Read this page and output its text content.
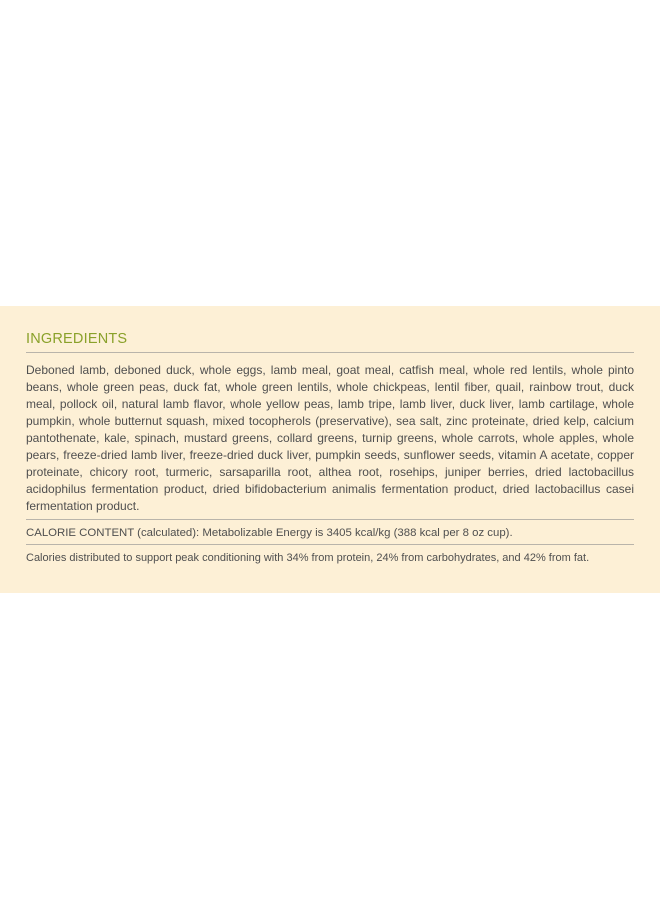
INGREDIENTS

Deboned lamb, deboned duck, whole eggs, lamb meal, goat meal, catfish meal, whole red lentils, whole pinto beans, whole green peas, duck fat, whole green lentils, whole chickpeas, lentil fiber, quail, rainbow trout, duck meal, pollock oil, natural lamb flavor, whole yellow peas, lamb tripe, lamb liver, duck liver, lamb cartilage, whole pumpkin, whole butternut squash, mixed tocopherols (preservative), sea salt, zinc proteinate, dried kelp, calcium pantothenate, kale, spinach, mustard greens, collard greens, turnip greens, whole carrots, whole apples, whole pears, freeze-dried lamb liver, freeze-dried duck liver, pumpkin seeds, sunflower seeds, vitamin A acetate, copper proteinate, chicory root, turmeric, sarsaparilla root, althea root, rosehips, juniper berries, dried lactobacillus acidophilus fermentation product, dried bifidobacterium animalis fermentation product, dried lactobacillus casei fermentation product.

CALORIE CONTENT (calculated): Metabolizable Energy is 3405 kcal/kg (388 kcal per 8 oz cup).

Calories distributed to support peak conditioning with 34% from protein, 24% from carbohydrates, and 42% from fat.
